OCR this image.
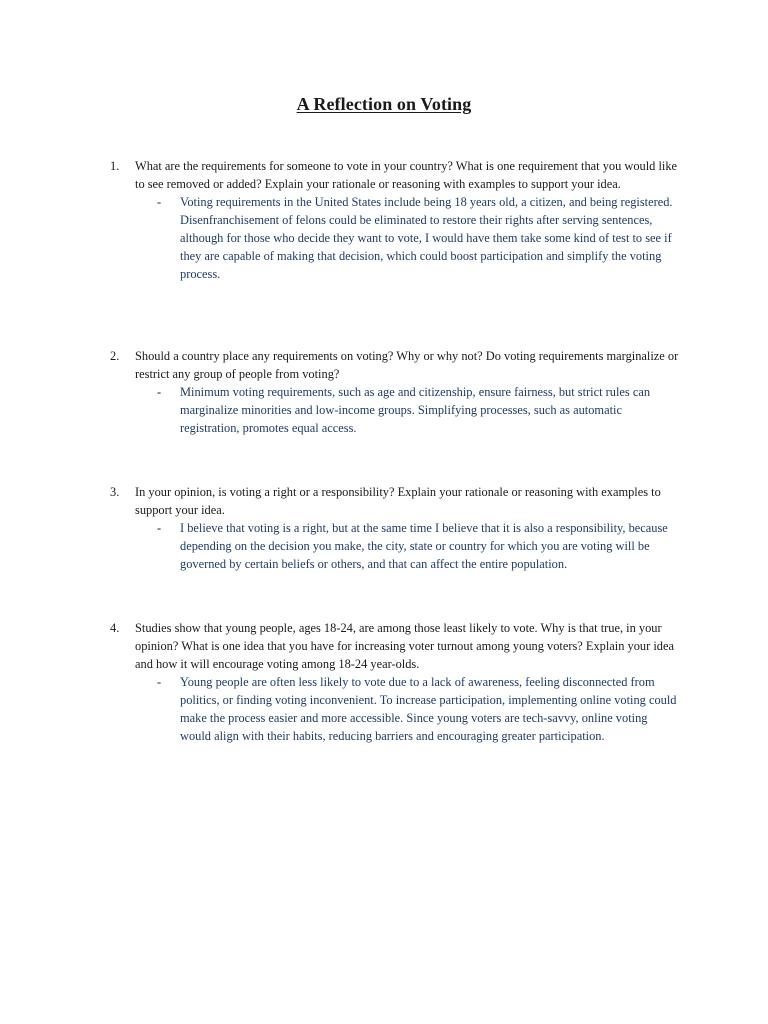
A Reflection on Voting
1.	What are the requirements for someone to vote in your country? What is one requirement that you would like to see removed or added? Explain your rationale or reasoning with examples to support your idea.
-	Voting requirements in the United States include being 18 years old, a citizen, and being registered. Disenfranchisement of felons could be eliminated to restore their rights after serving sentences, although for those who decide they want to vote, I would have them take some kind of test to see if they are capable of making that decision, which could boost participation and simplify the voting process.
2.	Should a country place any requirements on voting? Why or why not? Do voting requirements marginalize or restrict any group of people from voting?
-	Minimum voting requirements, such as age and citizenship, ensure fairness, but strict rules can marginalize minorities and low-income groups. Simplifying processes, such as automatic registration, promotes equal access.
3.	In your opinion, is voting a right or a responsibility? Explain your rationale or reasoning with examples to support your idea.
-	I believe that voting is a right, but at the same time I believe that it is also a responsibility, because depending on the decision you make, the city, state or country for which you are voting will be governed by certain beliefs or others, and that can affect the entire population.
4.	Studies show that young people, ages 18-24, are among those least likely to vote. Why is that true, in your opinion? What is one idea that you have for increasing voter turnout among young voters? Explain your idea and how it will encourage voting among 18-24 year-olds.
-	Young people are often less likely to vote due to a lack of awareness, feeling disconnected from politics, or finding voting inconvenient. To increase participation, implementing online voting could make the process easier and more accessible. Since young voters are tech-savvy, online voting would align with their habits, reducing barriers and encouraging greater participation.
